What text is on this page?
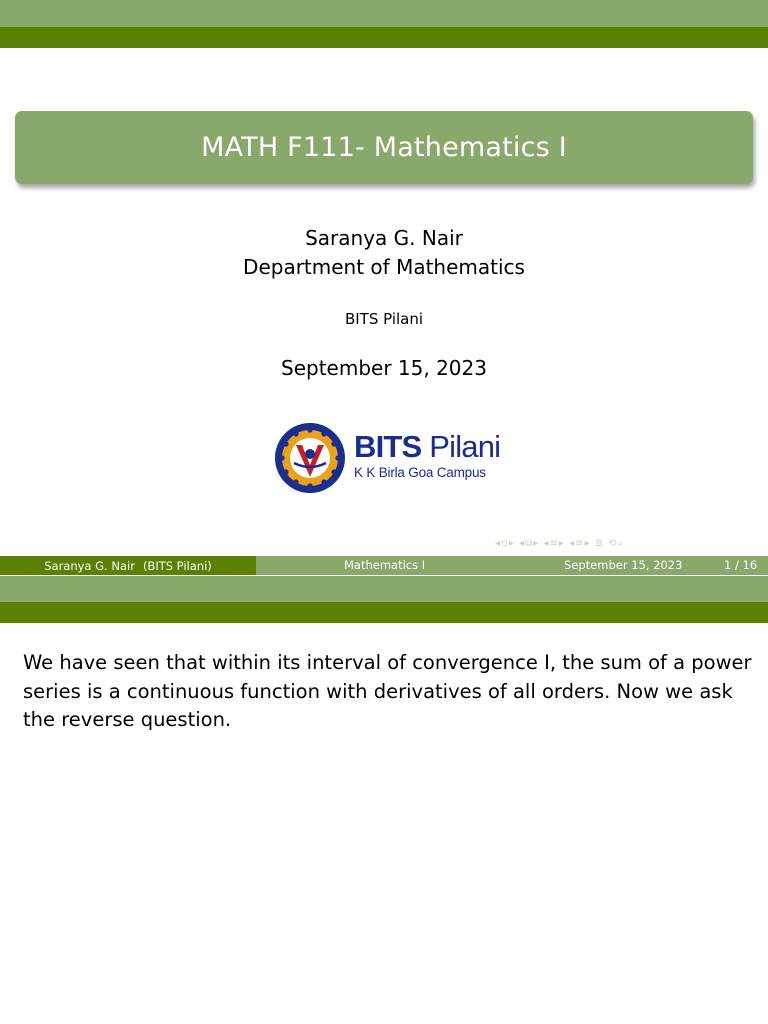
MATH F111- Mathematics I
Saranya G. Nair
Department of Mathematics
BITS Pilani
September 15, 2023
BITS Pilani
K K Birla Goa Campus
◂▫▸ ◂⧉▸ ◂≡▸ ◂≡▸ ≣ ⟲⌕
Saranya G. Nair (BITS Pilani)	Mathematics I	September 15, 2023	1 / 16
We have seen that within its interval of convergence I, the sum of a power series is a continuous function with derivatives of all orders. Now we ask the reverse question.
